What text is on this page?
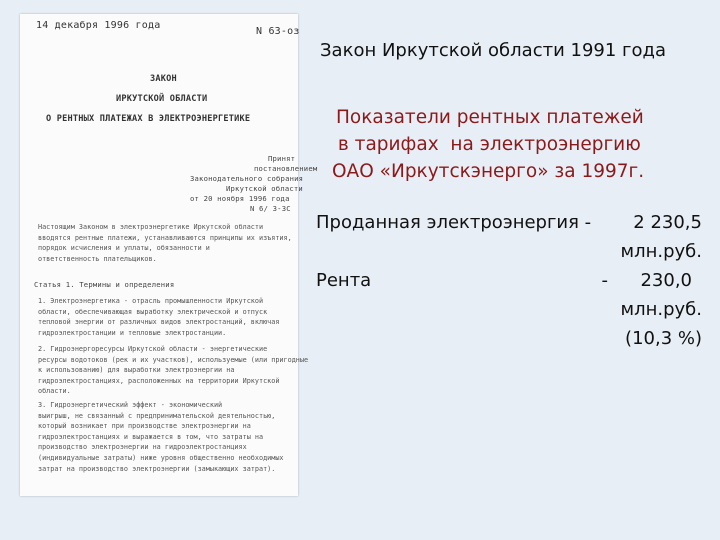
14 декабря 1996 года
N 63-оз
ЗАКОН
ИРКУТСКОЙ ОБЛАСТИ
О РЕНТНЫХ ПЛАТЕЖАХ В ЭЛЕКТРОЭНЕРГЕТИКЕ
Принят
постановлением
Законодательного собрания
Иркутской области
от 20 ноября 1996 года
N 6/ 3-ЗС
Настоящим Законом в электроэнергетике Иркутской области
вводятся рентные платежи, устанавливаются принципы их изъятия,
порядок исчисления и уплаты, обязанности и
ответственность плательщиков.
Статья 1. Термины и определения
1. Электроэнергетика - отрасль промышленности Иркутской
области, обеспечивающая выработку электрической и отпуск
тепловой энергии от различных видов электростанций, включая
гидроэлектростанции и тепловые электростанции.
2. Гидроэнергоресурсы Иркутской области - энергетические
ресурсы водотоков (рек и их участков), используемые (или пригодные
к использованию) для выработки электроэнергии на
гидроэлектростанциях, расположенных на территории Иркутской
области.
3. Гидроэнергетический эффект - экономический
выигрыш, не связанный с предпринимательской деятельностью,
который возникает при производстве электроэнергии на
гидроэлектростанциях и выражается в том, что затраты на
производство электроэнергии на гидроэлектростанциях
(индивидуальные затраты) ниже уровня общественно необходимых
затрат на производство электроэнергии (замыкающих затрат).
Закон Иркутской области 1991 года
Показатели рентных платежей
в тарифах  на электроэнергию
ОАО «Иркутскэнерго» за 1997г.
Проданная электроэнергия - 2 230,5
млн.руб.
Рента	- 230,0
млн.руб.
(10,3 %)
